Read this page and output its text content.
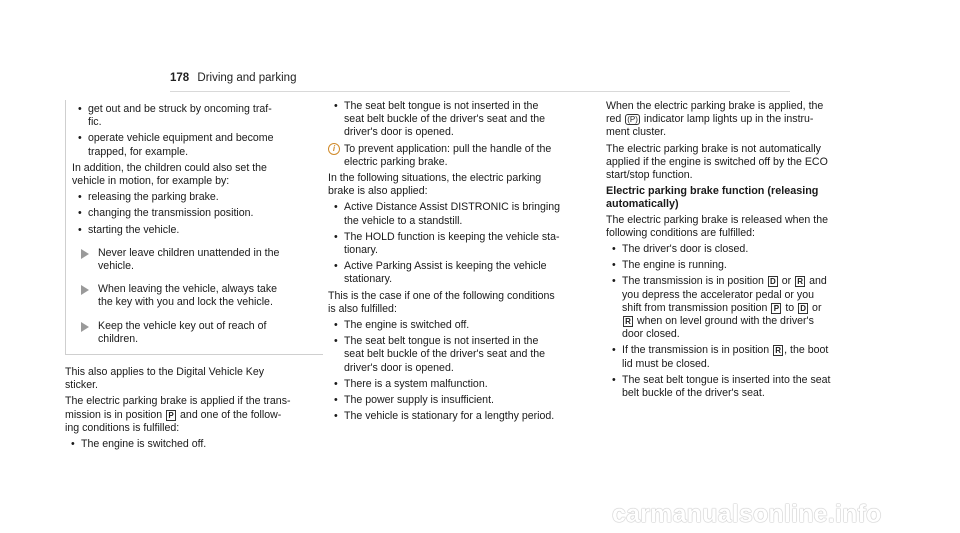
178 Driving and parking
• get out and be struck by oncoming traf-
fic.
• operate vehicle equipment and become
trapped, for example.

In addition, the children could also set the
vehicle in motion, for example by:

• releasing the parking brake.
• changing the transmission position.
• starting the vehicle.
Never leave children unattended in the
vehicle.
When leaving the vehicle, always take
the key with you and lock the vehicle.
Keep the vehicle key out of reach of
children.

This also applies to the Digital Vehicle Key
sticker.

The electric parking brake is applied if the trans-
mission is in position P and one of the follow-
ing conditions is fulfilled:

• The engine is switched off.
• The seat belt tongue is not inserted in the
seat belt buckle of the driver's seat and the
driver's door is opened.
i To prevent application: pull the handle of the
electric parking brake.

In the following situations, the electric parking
brake is also applied:

• Active Distance Assist DISTRONIC is bringing
the vehicle to a standstill.
• The HOLD function is keeping the vehicle sta-
tionary.
• Active Parking Assist is keeping the vehicle
stationary.

This is the case if one of the following conditions
is also fulfilled:

• The engine is switched off.
• The seat belt tongue is not inserted in the
seat belt buckle of the driver's seat and the
driver's door is opened.
• There is a system malfunction.
• The power supply is insufficient.
• The vehicle is stationary for a lengthy period.

When the electric parking brake is applied, the
red (P) indicator lamp lights up in the instru-
ment cluster.

The electric parking brake is not automatically
applied if the engine is switched off by the ECO
start/stop function.

Electric parking brake function (releasing
automatically)

The electric parking brake is released when the
following conditions are fulfilled:

• The driver's door is closed.
• The engine is running.
• The transmission is in position D or R and
you depress the accelerator pedal or you
shift from transmission position P to D or
R when on level ground with the driver's
door closed.
• If the transmission is in position R , the boot
lid must be closed.
• The seat belt tongue is inserted into the seat
belt buckle of the driver's seat.
carmanualsonline.info
